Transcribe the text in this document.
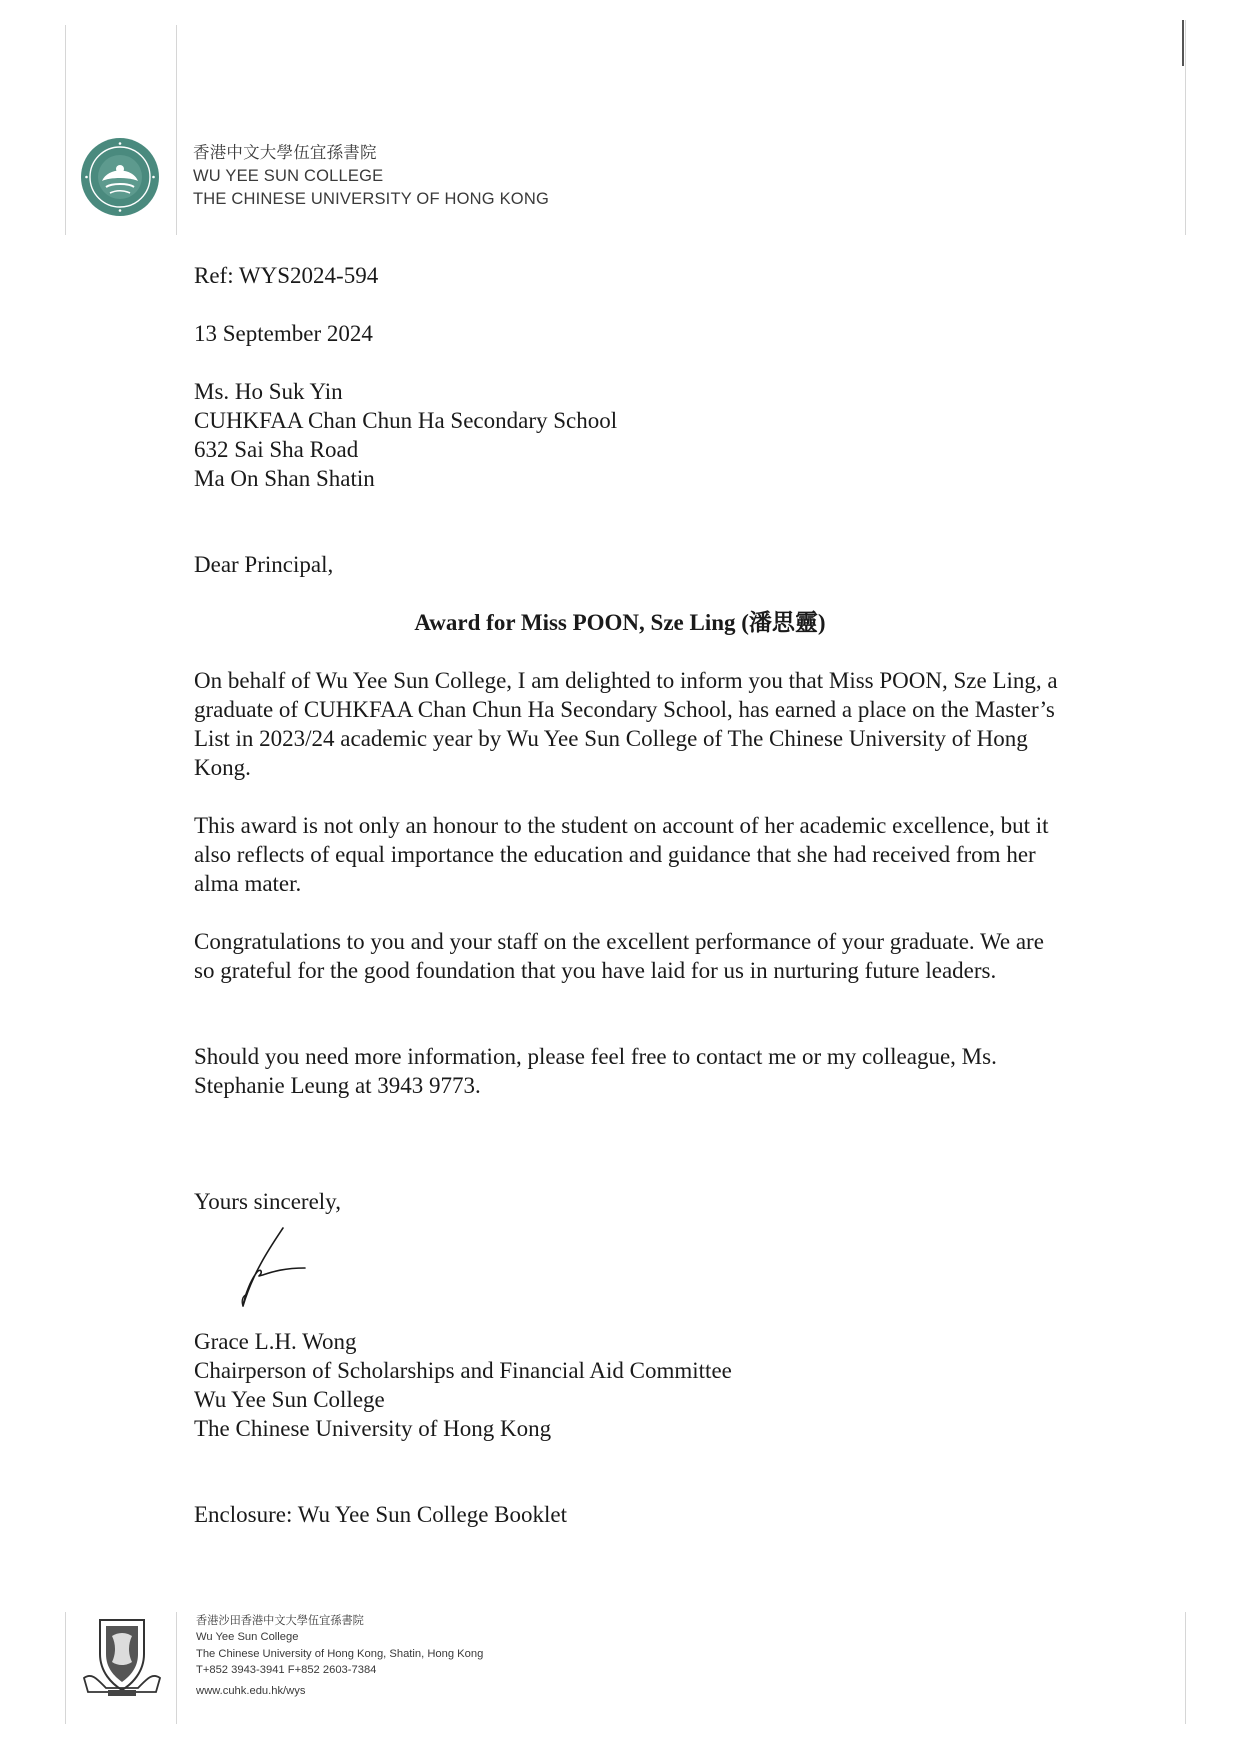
香港中文大學伍宜孫書院
WU YEE SUN COLLEGE
THE CHINESE UNIVERSITY OF HONG KONG
Ref: WYS2024-594
13 September 2024
Ms. Ho Suk Yin
CUHKFAA Chan Chun Ha Secondary School
632 Sai Sha Road
Ma On Shan Shatin
Dear Principal,
Award for Miss POON, Sze Ling (潘思靈)
On behalf of Wu Yee Sun College, I am delighted to inform you that Miss POON, Sze Ling, a graduate of CUHKFAA Chan Chun Ha Secondary School, has earned a place on the Master’s List in 2023/24 academic year by Wu Yee Sun College of The Chinese University of Hong Kong.
This award is not only an honour to the student on account of her academic excellence, but it also reflects of equal importance the education and guidance that she had received from her alma mater.
Congratulations to you and your staff on the excellent performance of your graduate. We are so grateful for the good foundation that you have laid for us in nurturing future leaders.
Should you need more information, please feel free to contact me or my colleague, Ms. Stephanie Leung at 3943 9773.
Yours sincerely,
Grace L.H. Wong
Chairperson of Scholarships and Financial Aid Committee
Wu Yee Sun College
The Chinese University of Hong Kong
Enclosure: Wu Yee Sun College Booklet
香港沙田香港中文大學伍宜孫書院
Wu Yee Sun College
The Chinese University of Hong Kong, Shatin, Hong Kong
T+852 3943-3941 F+852 2603-7384
www.cuhk.edu.hk/wys
